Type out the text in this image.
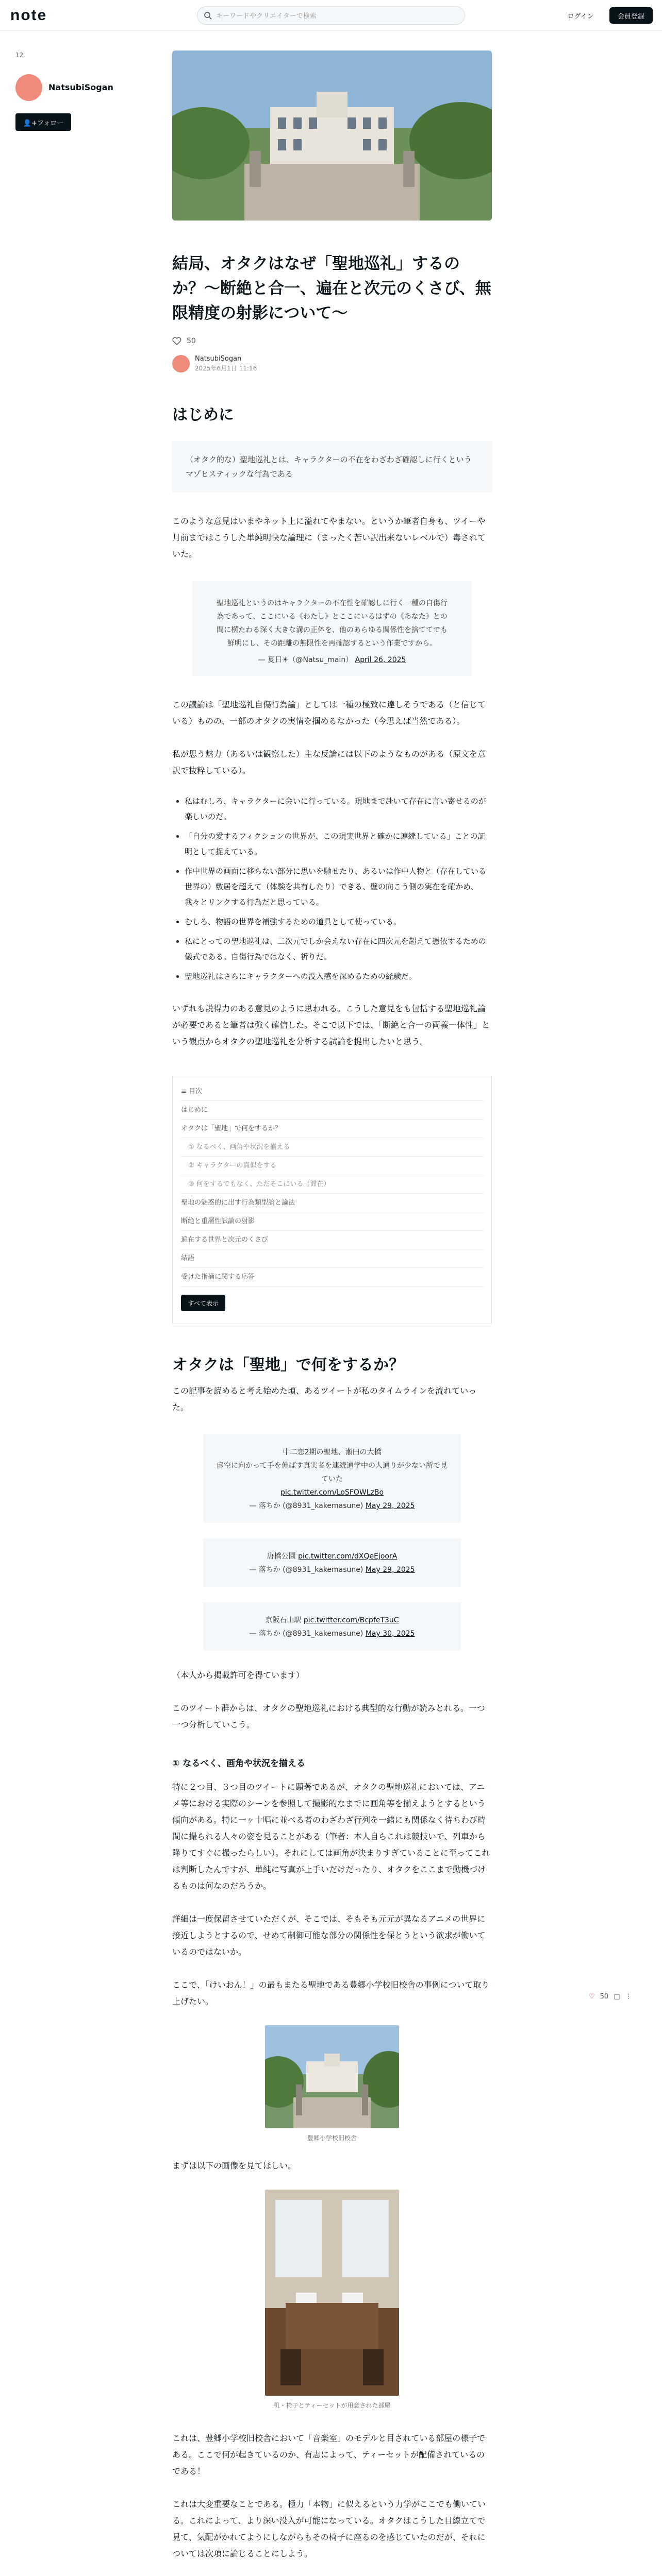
note
キーワードやクリエイターで検索	ログイン	会員登録
12
NatsubiSogan
👤+フォロー
結局、オタクはなぜ「聖地巡礼」するのか？〜断絶と合一、遍在と次元のくさび、無限精度の射影について〜
50
NatsubiSogan
2025年6月1日 11:16
はじめに
（オタク的な）聖地巡礼とは、キャラクターの不在をわざわざ確認しに行くというマゾヒスティックな行為である

このような意見はいまやネット上に溢れてやまない。というか筆者自身も、ツイーや月前まではこうした単純明快な論理に（まったく苦い訳出来ないレベルで）毒されていた。

聖地巡礼というのはキャラクターの不在性を確認しに行く一種の自傷行為であって、ここにいる《わたし》とここにいるはずの《あなた》との間に横たわる深く大きな溝の正体を、他のあらゆる関係性を捨ててでも鮮明にし、その距離の無限性を再確認するという作業ですから。
— 夏日☀（@Natsu_main） April 26, 2025

この議論は「聖地巡礼自傷行為論」としては一種の極致に達しそうである（と信じている）ものの、一部のオタクの実情を掴めるなかった（今思えば当然である）。

私が思う魅力（あるいは観察した）主な反論には以下のようなものがある（原文を意訳で抜粋している）。

• 私はむしろ、キャラクターに会いに行っている。現地まで赴いて存在に言い寄せるのが楽しいのだ。
• 「自分の愛するフィクションの世界が、この現実世界と確かに連続している」ことの証明として捉えている。
• 作中世界の画面に移らない部分に思いを馳せたり、あるいは作中人物と（存在している世界の）敷居を超えて（体験を共有したり）できる、壁の向こう側の実在を確かめ、我々とリンクする行為だと思っている。
• むしろ、物語の世界を補強するための道具として使っている。
• 私にとっての聖地巡礼は、二次元でしか会えない存在に四次元を超えて憑依するための儀式である。自傷行為ではなく、祈りだ。
• 聖地巡礼はさらにキャラクターへの没入感を深めるための経験だ。

いずれも説得力のある意見のように思われる。こうした意見をも包括する聖地巡礼論が必要であると筆者は強く確信した。そこで以下では、「断絶と合一の両義一体性」という観点からオタクの聖地巡礼を分析する試論を提出したいと思う。

≡ 目次
はじめに
オタクは「聖地」で何をするか？
① なるべく、画角や状況を揃える
② キャラクターの真似をする
③ 何をするでもなく、ただそこにいる（滞在）
聖地の魅惑的に出す行為類型論と論法
断絶と重層性試論の射影
遍在する世界と次元のくさび
結語
受けた指摘に関する応答
すべて表示
オタクは「聖地」で何をするか？

この記事を読めると考え始めた頃、あるツイートが私のタイムラインを流れていった。

中二恋2期の聖地、瀬田の大橋
虚空に向かって手を伸ばす真実者を連続通学中の人通りが少ない所で見ていた
pic.twitter.com/LoSFOWLzBo
— 落ちか (@8931_kakemasune) May 29, 2025
唐橋公園 pic.twitter.com/dXQeEjoorA
— 落ちか (@8931_kakemasune) May 29, 2025
京阪石山駅 pic.twitter.com/BcpfeT3uC
— 落ちか (@8931_kakemasune) May 30, 2025

（本人から掲載許可を得ています）

このツイート群からは、オタクの聖地巡礼における典型的な行動が読みとれる。一つ一つ分析していこう。

① なるべく、画角や状況を揃える

特に２つ目、３つ目のツイートに顕著であるが、オタクの聖地巡礼においては、アニメ等における実際のシーンを参照して撮影的なまでに画角等を揃えようとするという傾向がある。特に一ヶ十唱に並べる者のわざわざ行列を一緒にも関係なく待ちわび時間に撮られる人々の姿を見ることがある（筆者：本人自らこれは競技いで、列車から降りてすぐに撮ったらしい）。それにしては画角が決まりすぎていることに至ってこれは判断したんですが、単純に写真が上手いだけだったり、オタクをここまで動機づけるものは何なのだろうか。

詳細は一度保留させていただくが、そこでは、そもそも元元が異なるアニメの世界に接近しようとするので、せめて制御可能な部分の関係性を保とうという欲求が働いているのではないか。

ここで、「けいおん！」の最もまたる聖地である豊郷小学校旧校舎の事例について取り上げたい。

豊郷小学校旧校舎

まずは以下の画像を見てほしい。

机・椅子とティーセットが用意された部屋

これは、豊郷小学校旧校舎において「音楽室」のモデルと目されている部屋の様子である。ここで何が起きているのか、有志によって、ティーセットが配備されているのである！

これは大変重要なことである。極力「本物」に似えるという力学がここでも働いている。これによって、より深い没入が可能になっている。オタクはこうした目線立てで見て、気配がかれてようにしながらもその椅子に座るのを感じていたのだが、それについては次項に論じることにしよう。

♡ 50 □ ⋮
